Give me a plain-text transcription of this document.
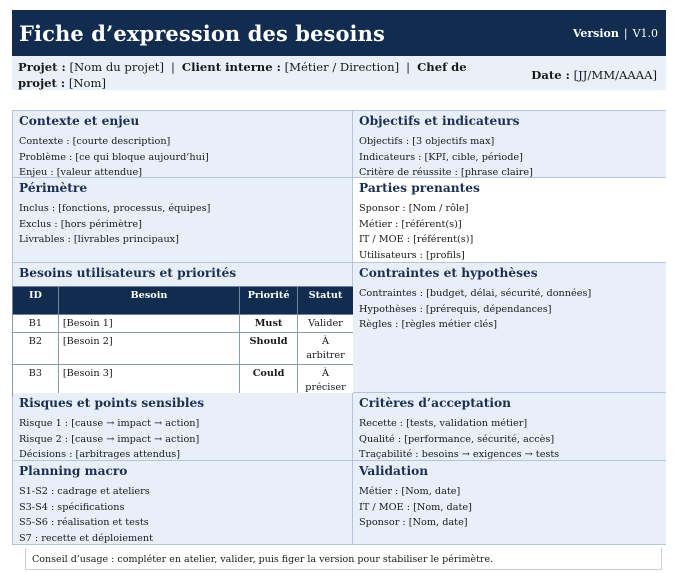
Fiche d’expression des besoins	Version | V1.0
Projet : [Nom du projet] | Client interne : [Métier / Direction] | Chef de projet : [Nom]
Date : [JJ/MM/AAAA]
Contexte et enjeu
Contexte : [courte description]
Problème : [ce qui bloque aujourd’hui]
Enjeu : [valeur attendue]
Objectifs et indicateurs
Objectifs : [3 objectifs max]
Indicateurs : [KPI, cible, période]
Critère de réussite : [phrase claire]
Périmètre
Inclus : [fonctions, processus, équipes]
Exclus : [hors périmètre]
Livrables : [livrables principaux]
Parties prenantes
Sponsor : [Nom / rôle]
Métier : [référent(s)]
IT / MOE : [référent(s)]
Utilisateurs : [profils]
Besoins utilisateurs et priorités
ID	Besoin	Priorité	Statut
B1	[Besoin 1]	Must	Valider
B2	[Besoin 2]	Should	À arbitrer
B3	[Besoin 3]	Could	À préciser
Contraintes et hypothèses
Contraintes : [budget, délai, sécurité, données]
Hypothèses : [prérequis, dépendances]
Règles : [règles métier clés]
Risques et points sensibles
Risque 1 : [cause → impact → action]
Risque 2 : [cause → impact → action]
Décisions : [arbitrages attendus]
Critères d’acceptation
Recette : [tests, validation métier]
Qualité : [performance, sécurité, accès]
Traçabilité : besoins → exigences → tests
Planning macro
S1-S2 : cadrage et ateliers
S3-S4 : spécifications
S5-S6 : réalisation et tests
S7 : recette et déploiement
Validation
Métier : [Nom, date]
IT / MOE : [Nom, date]
Sponsor : [Nom, date]
Conseil d’usage : compléter en atelier, valider, puis figer la version pour stabiliser le périmètre.
